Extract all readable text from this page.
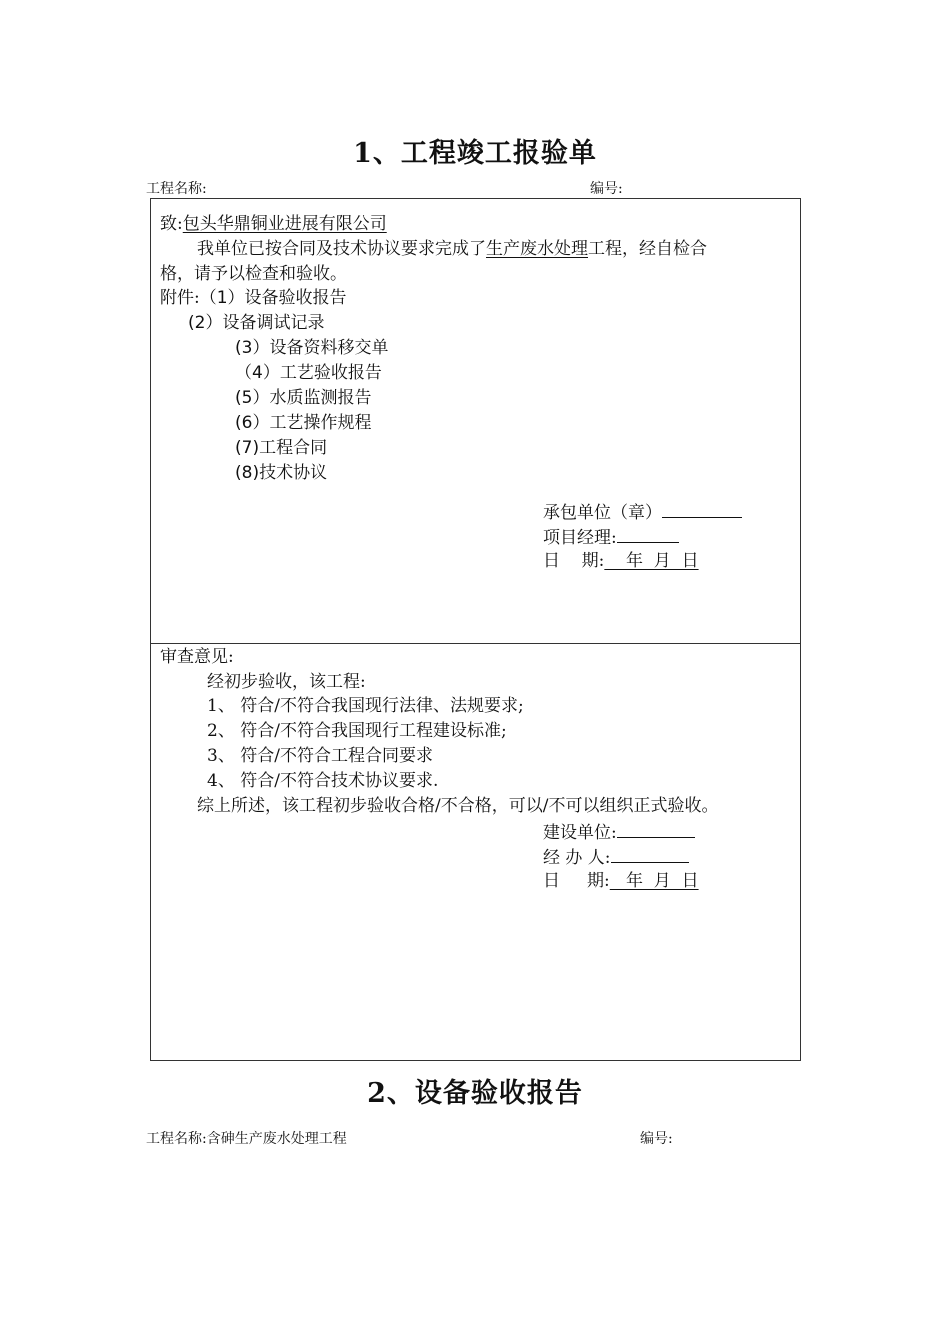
1、工程竣工报验单
工程名称:	编号:
致:包头华鼎铜业进展有限公司
我单位已按合同及技术协议要求完成了生产废水处理工程，经自检合
格，请予以检查和验收。
附件:（1）设备验收报告
(2）设备调试记录
(3）设备资料移交单
（4）工艺验收报告
(5）水质监测报告
(6）工艺操作规程
(7)工程合同
(8)技术协议
承包单位（章）
项目经理:
日    期:    年  月  日
审查意见:
经初步验收，该工程:
1、 符合/不符合我国现行法律、法规要求;
2、 符合/不符合我国现行工程建设标准;
3、 符合/不符合工程合同要求
4、 符合/不符合技术协议要求.
综上所述，该工程初步验收合格/不合格，可以/不可以组织正式验收。
建设单位:
经 办 人:
日     期:   年  月  日
2、设备验收报告
工程名称:含砷生产废水处理工程	编号:
